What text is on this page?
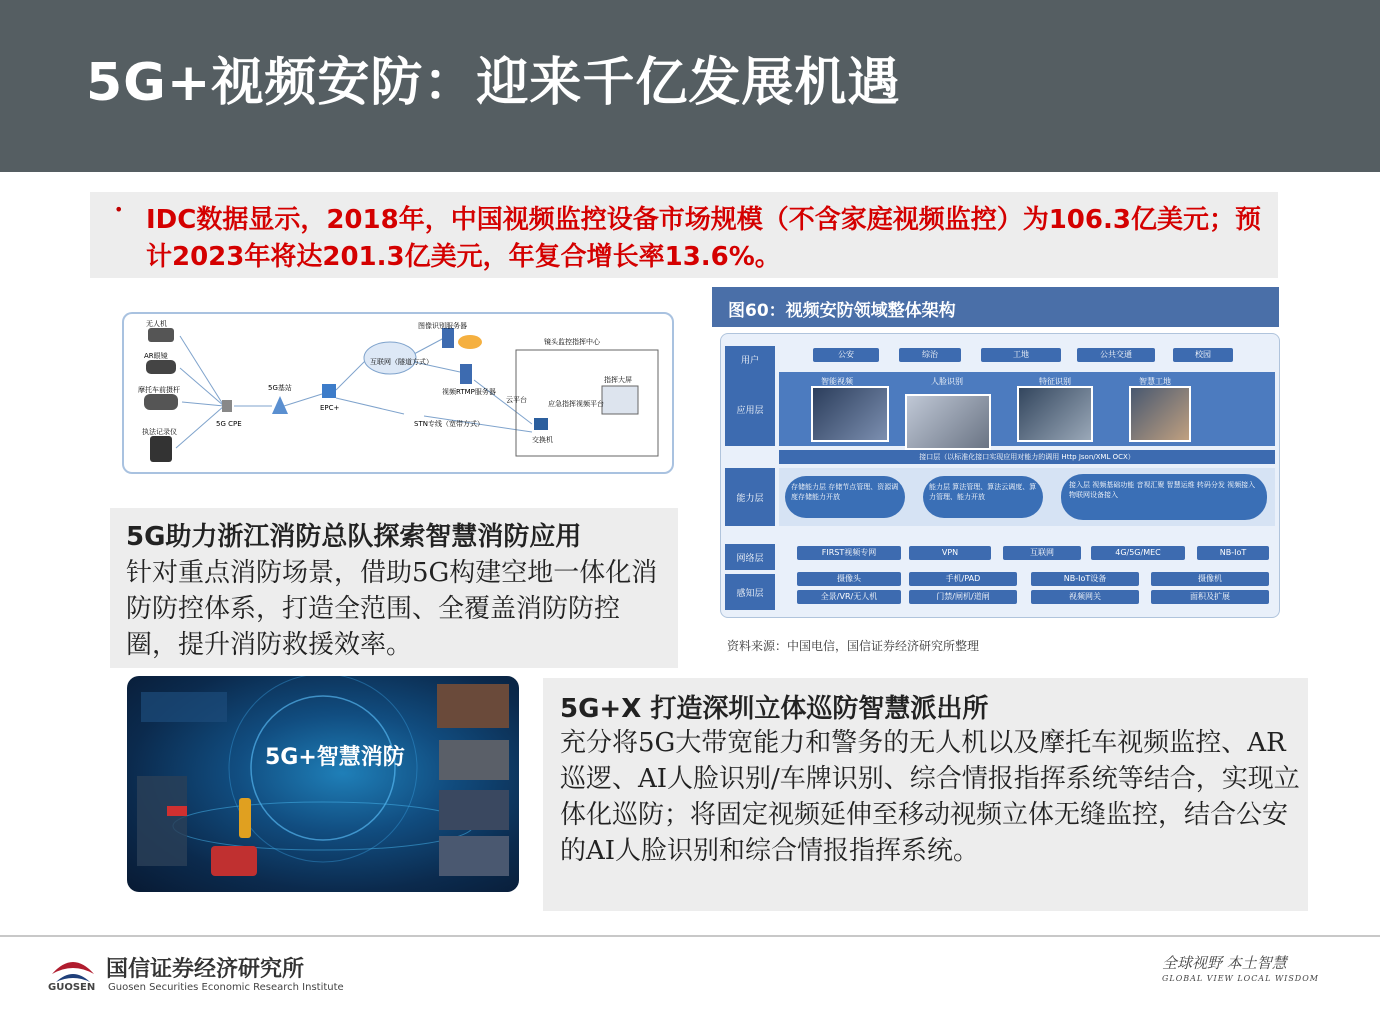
5G+视频安防：迎来千亿发展机遇
• IDC数据显示，2018年，中国视频监控设备市场规模（不含家庭视频监控）为106.3亿美元；预计2023年将达201.3亿美元，年复合增长率13.6%。
无人机
AR眼镜
摩托车前摄杆
执法记录仪
5G CPE
5G基站
EPC+
互联网（隧道方式）
图像识别服务器
云平台
视频RTMP服务器
STN专线（宽带方式）
交换机
应急指挥视频平台
指挥大屏
镜头监控指挥中心
图60：视频安防领域整体架构
用户
公安	综治	工地	公共交通	校园
应用层
智能视频	人脸识别	特征识别	智慧工地
接口层（以标准化接口实现应用对能力的调用 Http Json/XML OCX）
能力层
存储能力层 存储节点管理、资源调度存储能力开放
能力层 算法管理、算法云调度、算力管理、能力开放
接入层 视频基础功能 音视汇聚 智慧运维 转码分发 视频接入 物联网设备接入
网络层
FIRST视频专网	VPN	互联网	4G/5G/MEC	NB-IoT
感知层
摄像头	手机/PAD	NB-IoT设备	摄像机
全景/VR/无人机	门禁/闸机/道闸	视频网关	面积及扩展
资料来源：中国电信，国信证券经济研究所整理
5G助力浙江消防总队探索智慧消防应用
针对重点消防场景，借助5G构建空地一体化消防防控体系，打造全范围、全覆盖消防防控圈，提升消防救援效率。
5G+智慧消防
5G+X 打造深圳立体巡防智慧派出所
充分将5G大带宽能力和警务的无人机以及摩托车视频监控、AR巡逻、AI人脸识别/车牌识别、综合情报指挥系统等结合，实现立体化巡防；将固定视频延伸至移动视频立体无缝监控，结合公安的AI人脸识别和综合情报指挥系统。
GUOSEN
国信证券经济研究所
Guosen Securities Economic Research Institute
全球视野 本土智慧
GLOBAL VIEW LOCAL WISDOM
